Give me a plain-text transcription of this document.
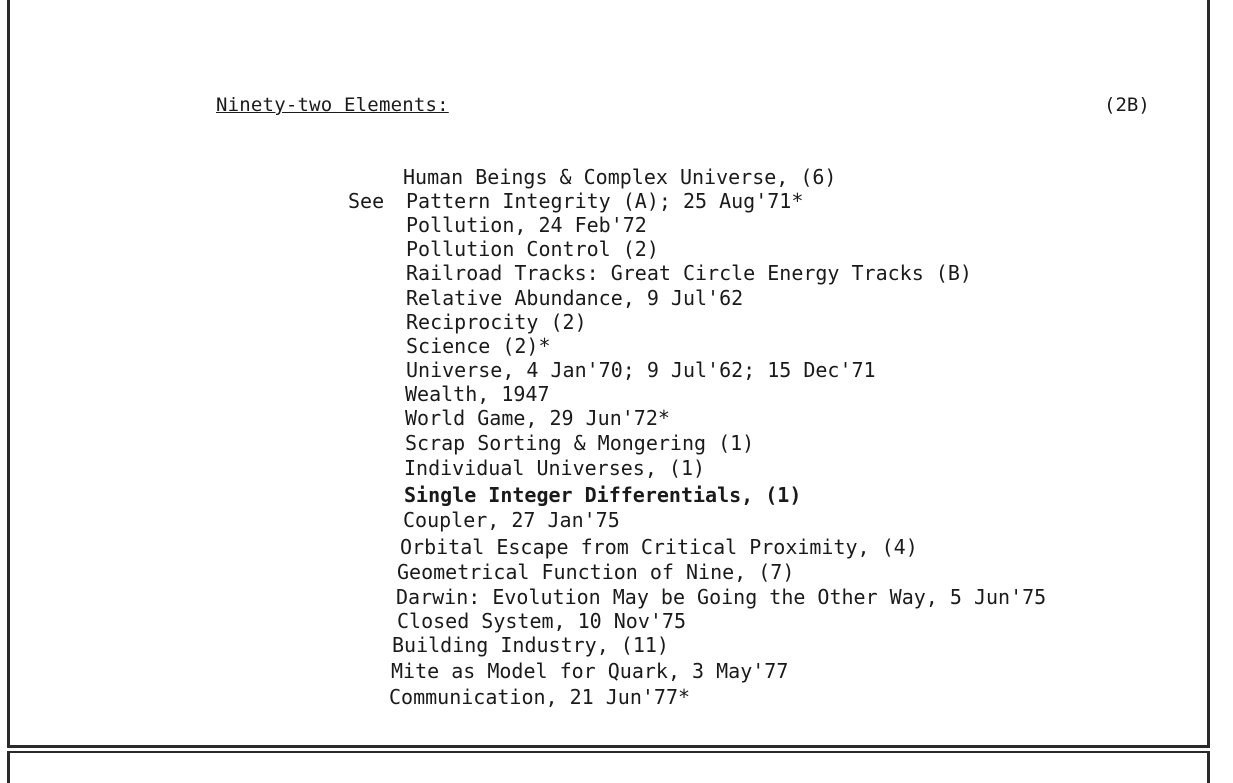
Ninety-two Elements:	(2B)
See
Human Beings & Complex Universe, (6)
Pattern Integrity (A); 25 Aug'71*
Pollution, 24 Feb'72
Pollution Control (2)
Railroad Tracks: Great Circle Energy Tracks (B)
Relative Abundance, 9 Jul'62
Reciprocity (2)
Science (2)*
Universe, 4 Jan'70; 9 Jul'62; 15 Dec'71
Wealth, 1947
World Game, 29 Jun'72*
Scrap Sorting & Mongering (1)
Individual Universes, (1)
Single Integer Differentials, (1)
Coupler, 27 Jan'75
Orbital Escape from Critical Proximity, (4)
Geometrical Function of Nine, (7)
Darwin: Evolution May be Going the Other Way, 5 Jun'75
Closed System, 10 Nov'75
Building Industry, (11)
Mite as Model for Quark, 3 May'77
Communication, 21 Jun'77*
